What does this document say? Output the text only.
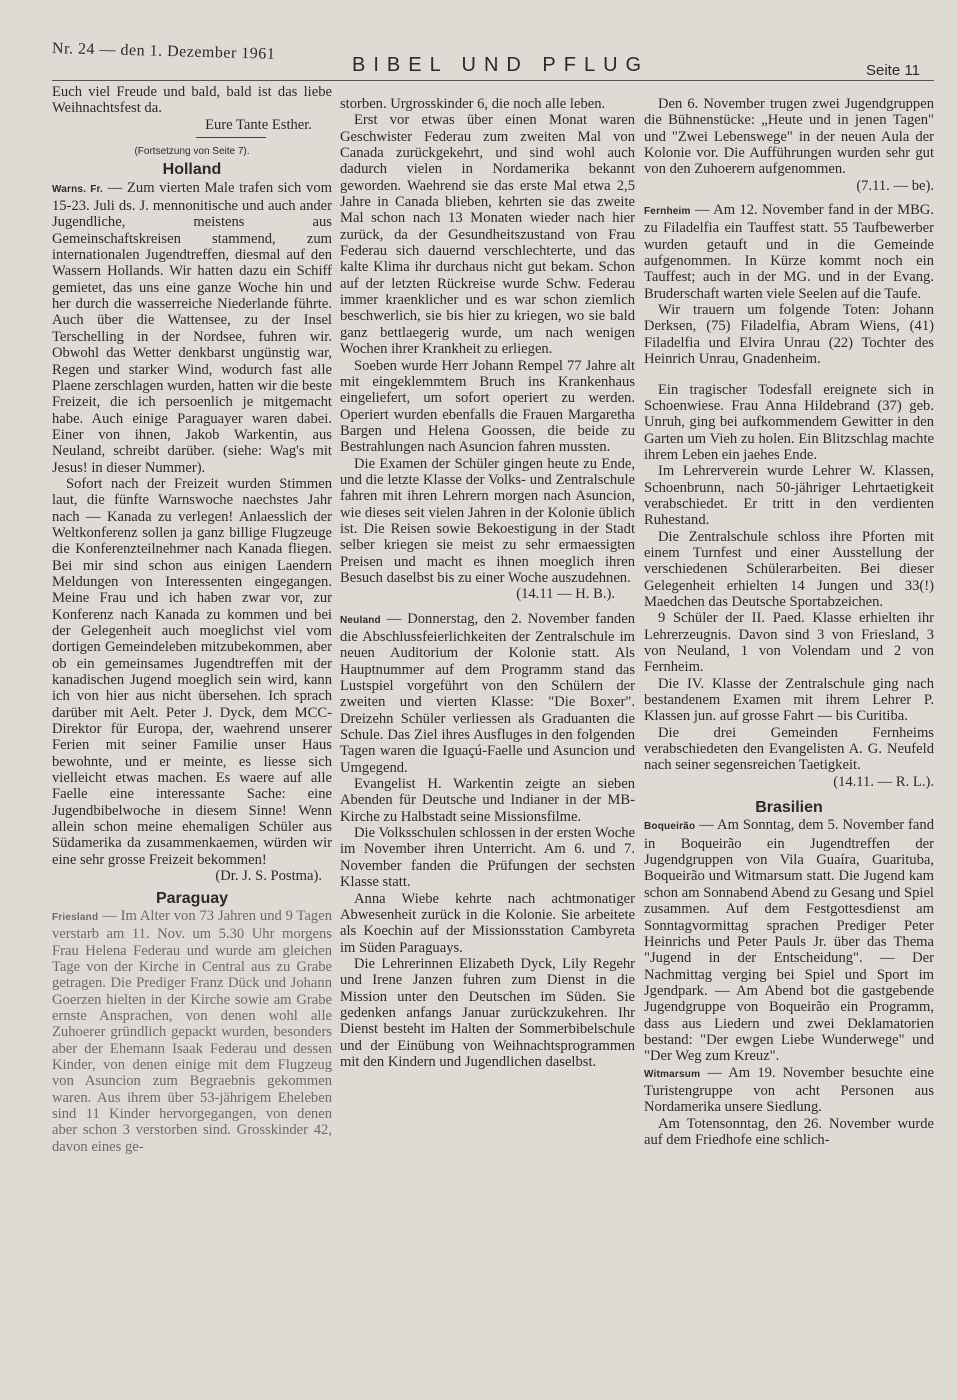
Nr. 24 — den 1. Dezember 1961
BIBEL UND PFLUG	Seite 11

Euch viel Freude und bald, bald ist das liebe Weihnachtsfest da.

Eure Tante Esther.

(Fortsetzung von Seite 7).

Holland

Warns. Fr. — Zum vierten Male trafen sich vom 15-23. Juli ds. J. mennonitische und auch ander Jugendliche, meistens aus Gemeinschaftskreisen stammend, zum internationalen Jugendtreffen, diesmal auf den Wassern Hollands. Wir hatten dazu ein Schiff gemietet, das uns eine ganze Woche hin und her durch die wasserreiche Niederlande führte. Auch über die Wattensee, zu der Insel Terschelling in der Nordsee, fuhren wir. Obwohl das Wetter denkbarst ungünstig war, Regen und starker Wind, wodurch fast alle Plaene zerschlagen wurden, hatten wir die beste Freizeit, die ich persoenlich je mitgemacht habe. Auch einige Paraguayer waren dabei. Einer von ihnen, Jakob Warkentin, aus Neuland, schreibt darüber. (siehe: Wag's mit Jesus! in dieser Nummer).

Sofort nach der Freizeit wurden Stimmen laut, die fünfte Warnswoche naechstes Jahr nach — Kanada zu verlegen! Anlaesslich der Weltkonferenz sollen ja ganz billige Flugzeuge die Konferenzteilnehmer nach Kanada fliegen. Bei mir sind schon aus einigen Laendern Meldungen von Interessenten eingegangen. Meine Frau und ich haben zwar vor, zur Konferenz nach Kanada zu kommen und bei der Gelegenheit auch moeglichst viel vom dortigen Gemeindeleben mitzubekommen, aber ob ein gemeinsames Jugendtreffen mit der kanadischen Jugend moeglich sein wird, kann ich von hier aus nicht übersehen. Ich sprach darüber mit Aelt. Peter J. Dyck, dem MCC-Direktor für Europa, der, waehrend unserer Ferien mit seiner Familie unser Haus bewohnte, und er meinte, es liesse sich vielleicht etwas machen. Es waere auf alle Faelle eine interessante Sache: eine Jugendbibelwoche in diesem Sinne! Wenn allein schon meine ehemaligen Schüler aus Südamerika da zusammenkaemen, würden wir eine sehr grosse Freizeit bekommen!

(Dr. J. S. Postma).

Paraguay

Friesland — Im Alter von 73 Jahren und 9 Tagen verstarb am 11. Nov. um 5.30 Uhr morgens Frau Helena Federau und wurde am gleichen Tage von der Kirche in Central aus zu Grabe getragen. Die Prediger Franz Dück und Johann Goerzen hielten in der Kirche sowie am Grabe ernste Ansprachen, von denen wohl alle Zuhoerer gründlich gepackt wurden, besonders aber der Ehemann Isaak Federau und dessen Kinder, von denen einige mit dem Flugzeug von Asuncion zum Begraebnis gekommen waren. Aus ihrem über 53-jährigem Eheleben sind 11 Kinder hervorgegangen, von denen aber schon 3 verstorben sind. Grosskinder 42, davon eines ge-

storben. Urgrosskinder 6, die noch alle leben.

Erst vor etwas über einen Monat waren Geschwister Federau zum zweiten Mal von Canada zurückgekehrt, und sind wohl auch dadurch vielen in Nordamerika bekannt geworden. Waehrend sie das erste Mal etwa 2,5 Jahre in Canada blieben, kehrten sie das zweite Mal schon nach 13 Monaten wieder nach hier zurück, da der Gesundheitszustand von Frau Federau sich dauernd verschlechterte, und das kalte Klima ihr durchaus nicht gut bekam. Schon auf der letzten Rückreise wurde Schw. Federau immer kraenklicher und es war schon ziemlich beschwerlich, sie bis hier zu kriegen, wo sie bald ganz bettlaegerig wurde, um nach wenigen Wochen ihrer Krankheit zu erliegen.

Soeben wurde Herr Johann Rempel 77 Jahre alt mit eingeklemmtem Bruch ins Krankenhaus eingeliefert, um sofort operiert zu werden. Operiert wurden ebenfalls die Frauen Margaretha Bargen und Helena Goossen, die beide zu Bestrahlungen nach Asuncion fahren mussten.

Die Examen der Schüler gingen heute zu Ende, und die letzte Klasse der Volks- und Zentralschule fahren mit ihren Lehrern morgen nach Asuncion, wie dieses seit vielen Jahren in der Kolonie üblich ist. Die Reisen sowie Bekoestigung in der Stadt selber kriegen sie meist zu sehr ermaessigten Preisen und macht es ihnen moeglich ihren Besuch daselbst bis zu einer Woche auszudehnen.

(14.11 — H. B.).

Neuland — Donnerstag, den 2. November fanden die Abschlussfeierlichkeiten der Zentralschule im neuen Auditorium der Kolonie statt. Als Hauptnummer auf dem Programm stand das Lustspiel vorgeführt von den Schülern der zweiten und vierten Klasse: "Die Boxer". Dreizehn Schüler verliessen als Graduanten die Schule. Das Ziel ihres Ausfluges in den folgenden Tagen waren die Iguaçú-Faelle und Asuncion und Umgegend.

Evangelist H. Warkentin zeigte an sieben Abenden für Deutsche und Indianer in der MB-Kirche zu Halbstadt seine Missionsfilme.

Die Volksschulen schlossen in der ersten Woche im November ihren Unterricht. Am 6. und 7. November fanden die Prüfungen der sechsten Klasse statt.

Anna Wiebe kehrte nach achtmonatiger Abwesenheit zurück in die Kolonie. Sie arbeitete als Koechin auf der Missionsstation Cambyreta im Süden Paraguays.

Die Lehrerinnen Elizabeth Dyck, Lily Regehr und Irene Janzen fuhren zum Dienst in die Mission unter den Deutschen im Süden. Sie gedenken anfangs Januar zurückzukehren. Ihr Dienst besteht im Halten der Sommerbibelschule und der Einübung von Weihnachtsprogrammen mit den Kindern und Jugendlichen daselbst.

Den 6. November trugen zwei Jugendgruppen die Bühnenstücke: „Heute und in jenen Tagen" und "Zwei Lebenswege" in der neuen Aula der Kolonie vor. Die Aufführungen wurden sehr gut von den Zuhoerern aufgenommen.

(7.11. — be).

Fernheim — Am 12. November fand in der MBG. zu Filadelfia ein Tauffest statt. 55 Taufbewerber wurden getauft und in die Gemeinde aufgenommen. In Kürze kommt noch ein Tauffest; auch in der MG. und in der Evang. Bruderschaft warten viele Seelen auf die Taufe.

Wir trauern um folgende Toten: Johann Derksen, (75) Filadelfia, Abram Wiens, (41) Filadelfia und Elvira Unrau (22) Tochter des Heinrich Unrau, Gnadenheim.

Ein tragischer Todesfall ereignete sich in Schoenwiese. Frau Anna Hildebrand (37) geb. Unruh, ging bei aufkommendem Gewitter in den Garten um Vieh zu holen. Ein Blitzschlag machte ihrem Leben ein jaehes Ende.

Im Lehrerverein wurde Lehrer W. Klassen, Schoenbrunn, nach 50-jähriger Lehrtaetigkeit verabschiedet. Er tritt in den verdienten Ruhestand.

Die Zentralschule schloss ihre Pforten mit einem Turnfest und einer Ausstellung der verschiedenen Schülerarbeiten. Bei dieser Gelegenheit erhielten 14 Jungen und 33(!) Maedchen das Deutsche Sportabzeichen.

9 Schüler der II. Paed. Klasse erhielten ihr Lehrerzeugnis. Davon sind 3 von Friesland, 3 von Neuland, 1 von Volendam und 2 von Fernheim.

Die IV. Klasse der Zentralschule ging nach bestandenem Examen mit ihrem Lehrer P. Klassen jun. auf grosse Fahrt — bis Curitiba.

Die drei Gemeinden Fernheims verabschiedeten den Evangelisten A. G. Neufeld nach seiner segensreichen Taetigkeit.

(14.11. — R. L.).

Brasilien

Boqueirão — Am Sonntag, dem 5. November fand in Boqueirão ein Jugendtreffen der Jugendgruppen von Vila Guaíra, Guarituba, Boqueirão und Witmarsum statt. Die Jugend kam schon am Sonnabend Abend zu Gesang und Spiel zusammen. Auf dem Festgottesdienst am Sonntagvormittag sprachen Prediger Peter Heinrichs und Peter Pauls Jr. über das Thema "Jugend in der Entscheidung". — Der Nachmittag verging bei Spiel und Sport im Jgendpark. — Am Abend bot die gastgebende Jugendgruppe von Boqueirão ein Programm, dass aus Liedern und zwei Deklamatorien bestand: "Der ewgen Liebe Wunderwege" und "Der Weg zum Kreuz".

Witmarsum — Am 19. November besuchte eine Turistengruppe von acht Personen aus Nordamerika unsere Siedlung.

Am Totensonntag, den 26. November wurde auf dem Friedhofe eine schlich-
